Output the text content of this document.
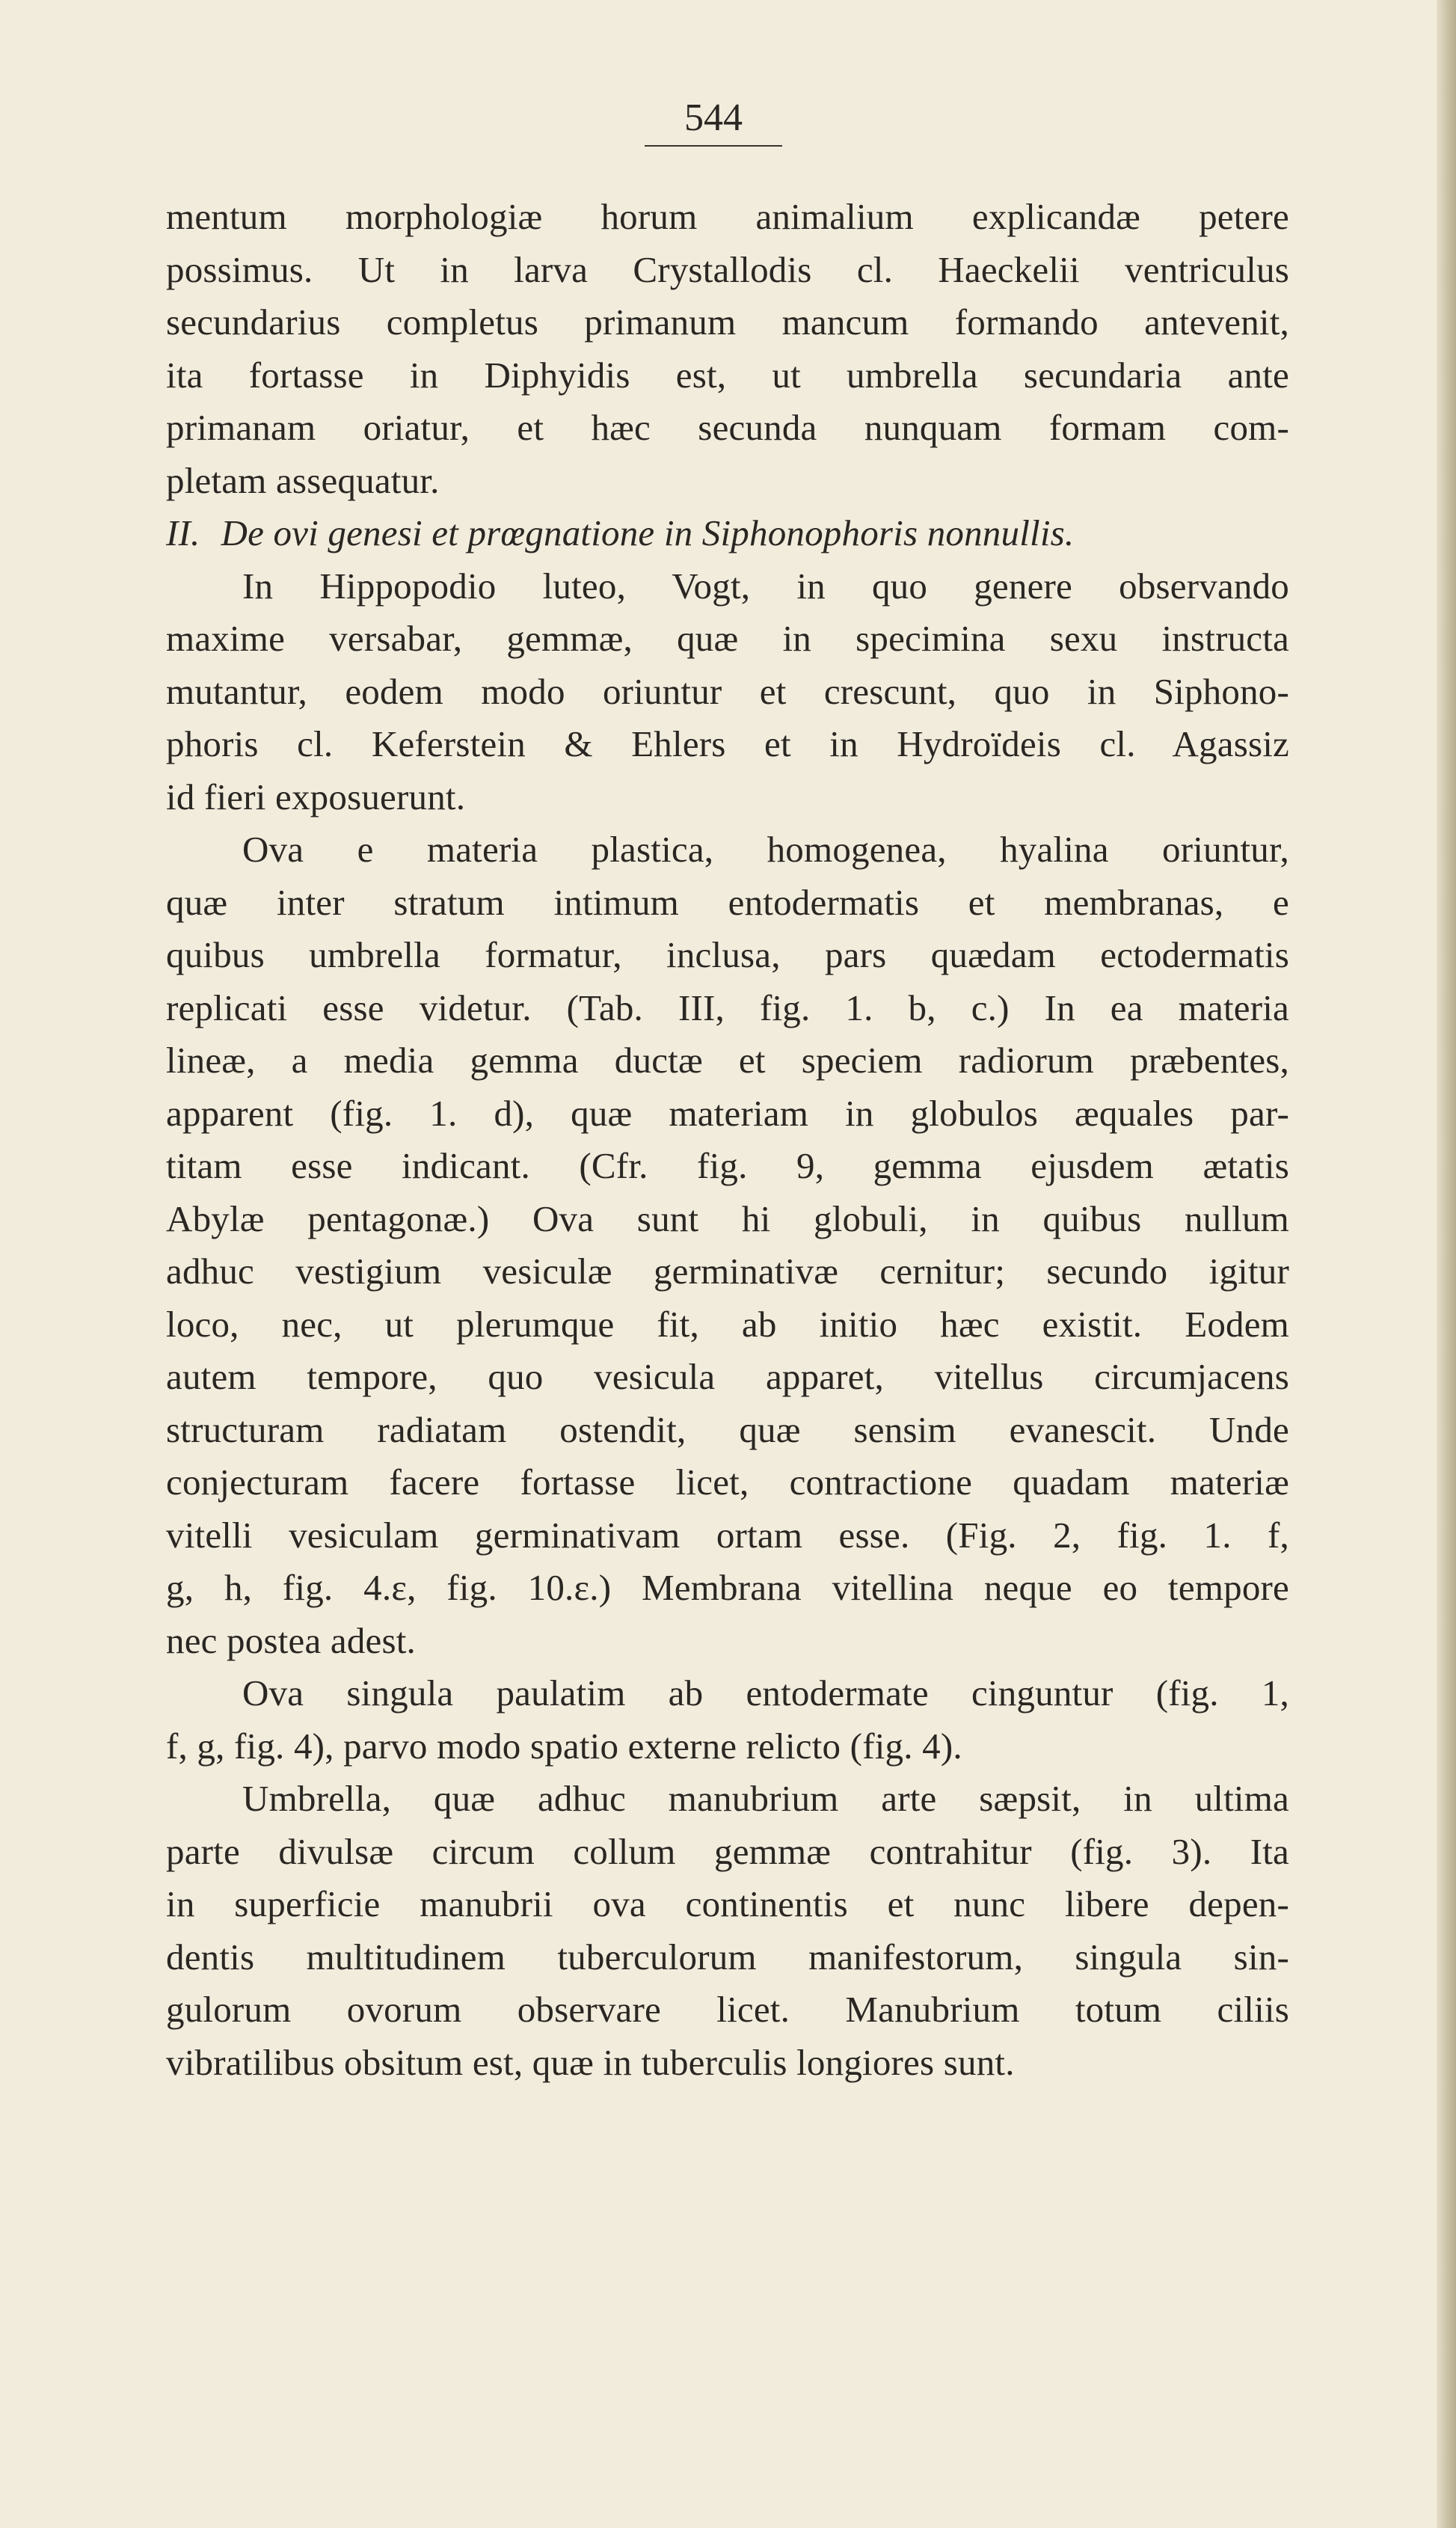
544
mentum morphologiæ horum animalium explicandæ petere
possimus. Ut in larva Crystallodis cl. Haeckelii ventriculus
secundarius completus primanum mancum formando antevenit,
ita fortasse in Diphyidis est, ut umbrella secundaria ante
primanam oriatur, et hæc secunda nunquam formam com-
pletam assequatur.
II. De ovi genesi et prœgnatione in Siphonophoris nonnullis.
In Hippopodio luteo, Vogt, in quo genere observando
maxime versabar, gemmæ, quæ in specimina sexu instructa
mutantur, eodem modo oriuntur et crescunt, quo in Siphono-
phoris cl. Keferstein & Ehlers et in Hydroïdeis cl. Agassiz
id fieri exposuerunt.
Ova e materia plastica, homogenea, hyalina oriuntur,
quæ inter stratum intimum entodermatis et membranas, e
quibus umbrella formatur, inclusa, pars quædam ectodermatis
replicati esse videtur. (Tab. III, fig. 1. b, c.) In ea materia
lineæ, a media gemma ductæ et speciem radiorum præbentes,
apparent (fig. 1. d), quæ materiam in globulos æquales par-
titam esse indicant. (Cfr. fig. 9, gemma ejusdem ætatis
Abylæ pentagonæ.) Ova sunt hi globuli, in quibus nullum
adhuc vestigium vesiculæ germinativæ cernitur; secundo igitur
loco, nec, ut plerumque fit, ab initio hæc existit. Eodem
autem tempore, quo vesicula apparet, vitellus circumjacens
structuram radiatam ostendit, quæ sensim evanescit. Unde
conjecturam facere fortasse licet, contractione quadam materiæ
vitelli vesiculam germinativam ortam esse. (Fig. 2, fig. 1. f,
g, h, fig. 4.ε, fig. 10.ε.) Membrana vitellina neque eo tempore
nec postea adest.
Ova singula paulatim ab entodermate cinguntur (fig. 1,
f, g, fig. 4), parvo modo spatio externe relicto (fig. 4).
Umbrella, quæ adhuc manubrium arte sæpsit, in ultima
parte divulsæ circum collum gemmæ contrahitur (fig. 3). Ita
in superficie manubrii ova continentis et nunc libere depen-
dentis multitudinem tuberculorum manifestorum, singula sin-
gulorum ovorum observare licet. Manubrium totum ciliis
vibratilibus obsitum est, quæ in tuberculis longiores sunt.
